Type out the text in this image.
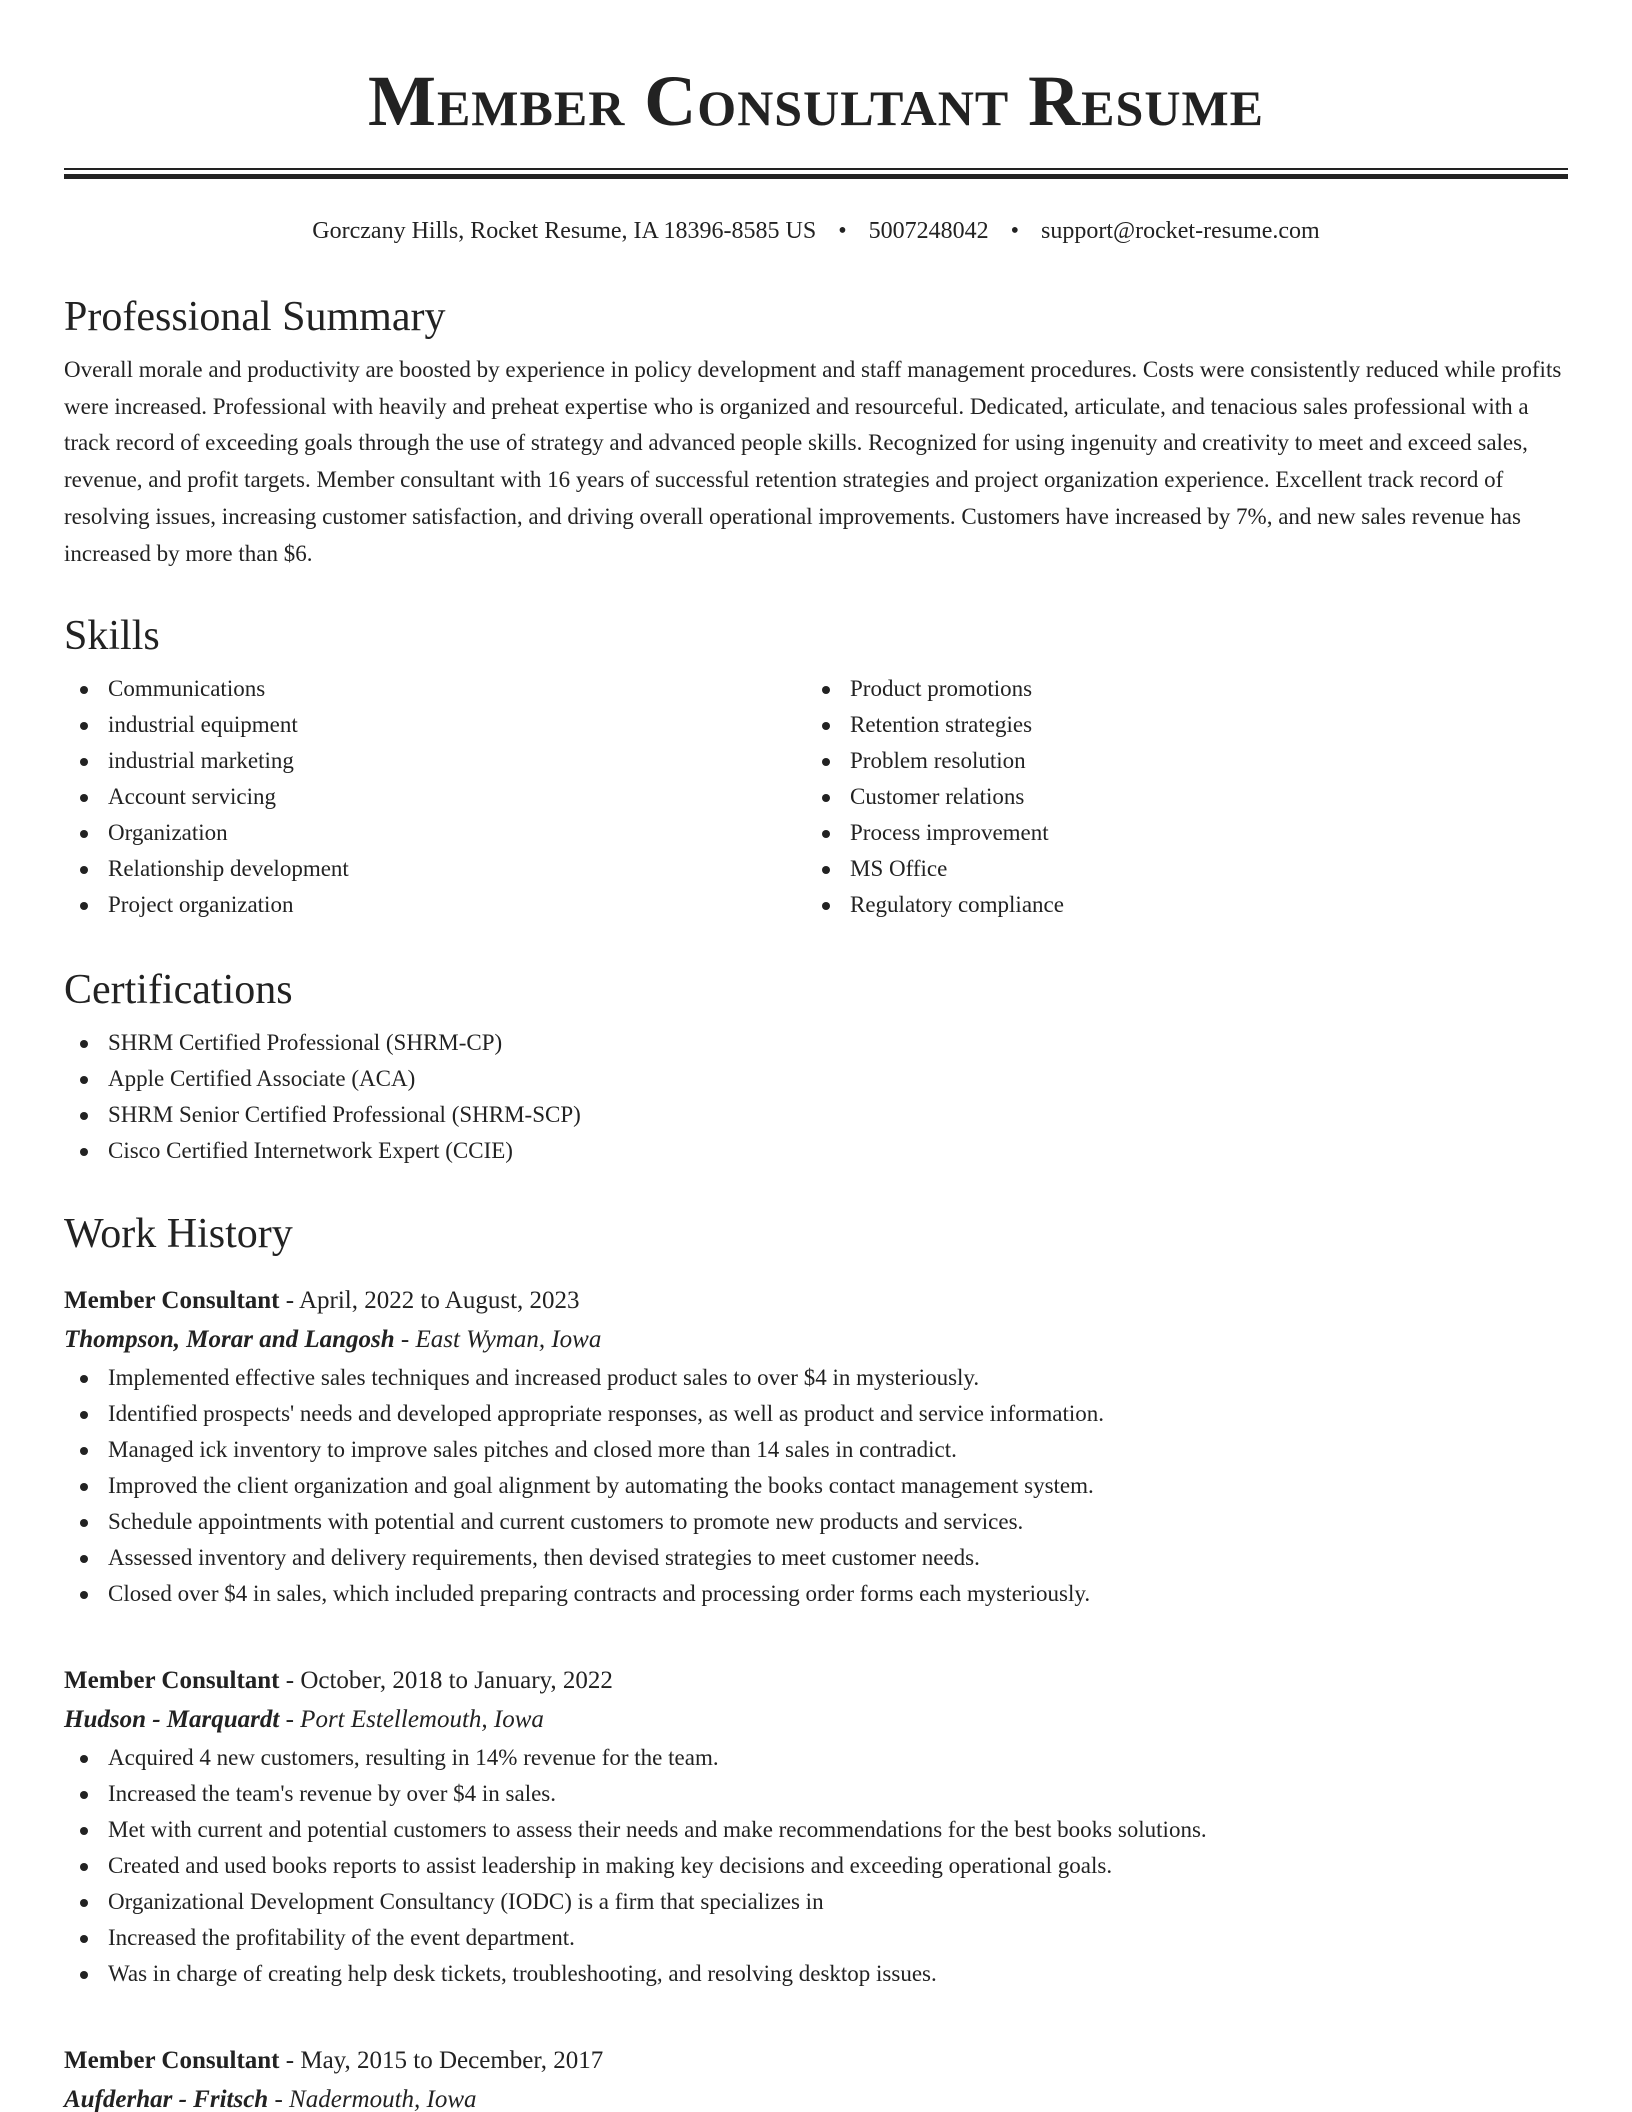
Member Consultant Resume
Gorczany Hills, Rocket Resume, IA 18396-8585 US • 5007248042 • support@rocket-resume.com
Professional Summary
Overall morale and productivity are boosted by experience in policy development and staff management procedures. Costs were consistently reduced while profits were increased. Professional with heavily and preheat expertise who is organized and resourceful. Dedicated, articulate, and tenacious sales professional with a track record of exceeding goals through the use of strategy and advanced people skills. Recognized for using ingenuity and creativity to meet and exceed sales, revenue, and profit targets. Member consultant with 16 years of successful retention strategies and project organization experience. Excellent track record of resolving issues, increasing customer satisfaction, and driving overall operational improvements. Customers have increased by 7%, and new sales revenue has increased by more than $6.
Skills
Communications
industrial equipment
industrial marketing
Account servicing
Organization
Relationship development
Project organization
Product promotions
Retention strategies
Problem resolution
Customer relations
Process improvement
MS Office
Regulatory compliance
Certifications
SHRM Certified Professional (SHRM-CP)
Apple Certified Associate (ACA)
SHRM Senior Certified Professional (SHRM-SCP)
Cisco Certified Internetwork Expert (CCIE)
Work History
Member Consultant - April, 2022 to August, 2023
Thompson, Morar and Langosh - East Wyman, Iowa
Implemented effective sales techniques and increased product sales to over $4 in mysteriously.
Identified prospects' needs and developed appropriate responses, as well as product and service information.
Managed ick inventory to improve sales pitches and closed more than 14 sales in contradict.
Improved the client organization and goal alignment by automating the books contact management system.
Schedule appointments with potential and current customers to promote new products and services.
Assessed inventory and delivery requirements, then devised strategies to meet customer needs.
Closed over $4 in sales, which included preparing contracts and processing order forms each mysteriously.
Member Consultant - October, 2018 to January, 2022
Hudson - Marquardt - Port Estellemouth, Iowa
Acquired 4 new customers, resulting in 14% revenue for the team.
Increased the team's revenue by over $4 in sales.
Met with current and potential customers to assess their needs and make recommendations for the best books solutions.
Created and used books reports to assist leadership in making key decisions and exceeding operational goals.
Organizational Development Consultancy (IODC) is a firm that specializes in
Increased the profitability of the event department.
Was in charge of creating help desk tickets, troubleshooting, and resolving desktop issues.
Member Consultant - May, 2015 to December, 2017
Aufderhar - Fritsch - Nadermouth, Iowa
